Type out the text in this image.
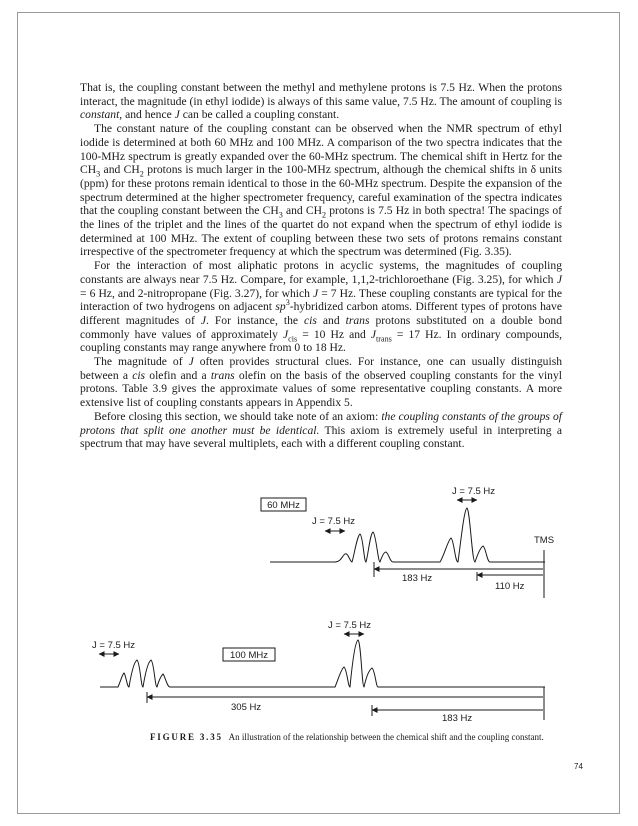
That is, the coupling constant between the methyl and methylene protons is 7.5 Hz. When the protons interact, the magnitude (in ethyl iodide) is always of this same value, 7.5 Hz. The amount of coupling is constant, and hence J can be called a coupling constant.

The constant nature of the coupling constant can be observed when the NMR spectrum of ethyl iodide is determined at both 60 MHz and 100 MHz. A comparison of the two spectra indicates that the 100-MHz spectrum is greatly expanded over the 60-MHz spectrum. The chemical shift in Hertz for the $CH_3$ and $CH_2$ protons is much larger in the 100-MHz spectrum, although the chemical shifts in δ units (ppm) for these protons remain identical to those in the 60-MHz spectrum. Despite the expansion of the spectrum determined at the higher spectrometer frequency, careful examination of the spectra indicates that the coupling constant between the $CH_3$ and $CH_2$ protons is 7.5 Hz in both spectra! The spacings of the lines of the triplet and the lines of the quartet do not expand when the spectrum of ethyl iodide is determined at 100 MHz. The extent of coupling between these two sets of protons remains constant irrespective of the spectrometer frequency at which the spectrum was determined (Fig. 3.35).

For the interaction of most aliphatic protons in acyclic systems, the magnitudes of coupling constants are always near 7.5 Hz. Compare, for example, 1,1,2-trichloroethane (Fig. 3.25), for which J = 6 Hz, and 2-nitropropane (Fig. 3.27), for which J = 7 Hz. These coupling constants are typical for the interaction of two hydrogens on adjacent $sp^3$-hybridized carbon atoms. Different types of protons have different magnitudes of J. For instance, the cis and trans protons substituted on a double bond commonly have values of approximately $J_{cis} = 10$ Hz and $J_{trans} = 17$ Hz. In ordinary compounds, coupling constants may range anywhere from 0 to 18 Hz.

The magnitude of J often provides structural clues. For instance, one can usually distinguish between a cis olefin and a trans olefin on the basis of the observed coupling constants for the vinyl protons. Table 3.9 gives the approximate values of some representative coupling constants. A more extensive list of coupling constants appears in Appendix 5.

Before closing this section, we should take note of an axiom: the coupling constants of the groups of protons that split one another must be identical. This axiom is extremely useful in interpreting a spectrum that may have several multiplets, each with a different coupling constant.

60 MHz
100 MHz
J = 7.5 Hz
J = 7.5 Hz
J = 7.5 Hz
J = 7.5 Hz
TMS
183 Hz
110 Hz
305 Hz
183 Hz
FIGURE 3.35 An illustration of the relationship between the chemical shift and the coupling constant.
74
